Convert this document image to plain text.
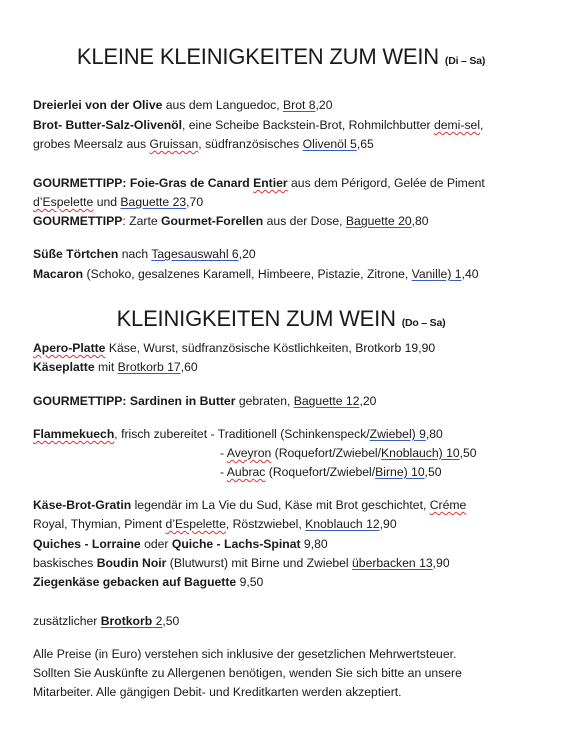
KLEINE KLEINIGKEITEN ZUM WEIN (Di – Sa)
Dreierlei von der Olive aus dem Languedoc, Brot 8,20
Brot- Butter-Salz-Olivenöl, eine Scheibe Backstein-Brot, Rohmilchbutter demi-sel,
grobes Meersalz aus Gruissan, südfranzösisches Olivenöl 5,65
GOURMETTIPP: Foie-Gras de Canard Entier aus dem Périgord, Gelée de Piment
d’Espelette und Baguette 23,70
GOURMETTIPP: Zarte Gourmet-Forellen aus der Dose, Baguette 20,80
Süße Törtchen nach Tagesauswahl 6,20
Macaron (Schoko, gesalzenes Karamell, Himbeere, Pistazie, Zitrone, Vanille) 1,40
KLEINIGKEITEN ZUM WEIN (Do – Sa)
Apero-Platte Käse, Wurst, südfranzösische Köstlichkeiten, Brotkorb 19,90
Käseplatte mit Brotkorb 17,60
GOURMETTIPP: Sardinen in Butter gebraten, Baguette 12,20
Flammekuech, frisch zubereitet - Traditionell (Schinkenspeck/Zwiebel) 9,80
- Aveyron (Roquefort/Zwiebel/Knoblauch) 10,50
- Aubrac (Roquefort/Zwiebel/Birne) 10,50
Käse-Brot-Gratin legendär im La Vie du Sud, Käse mit Brot geschichtet, Créme
Royal, Thymian, Piment d’Espelette, Röstzwiebel, Knoblauch 12,90
Quiches - Lorraine oder Quiche - Lachs-Spinat 9,80
baskisches Boudin Noir (Blutwurst) mit Birne und Zwiebel überbacken 13,90
Ziegenkäse gebacken auf Baguette 9,50
zusätzlicher Brotkorb 2,50
Alle Preise (in Euro) verstehen sich inklusive der gesetzlichen Mehrwertsteuer.
Sollten Sie Auskünfte zu Allergenen benötigen, wenden Sie sich bitte an unsere
Mitarbeiter. Alle gängigen Debit- und Kreditkarten werden akzeptiert.
